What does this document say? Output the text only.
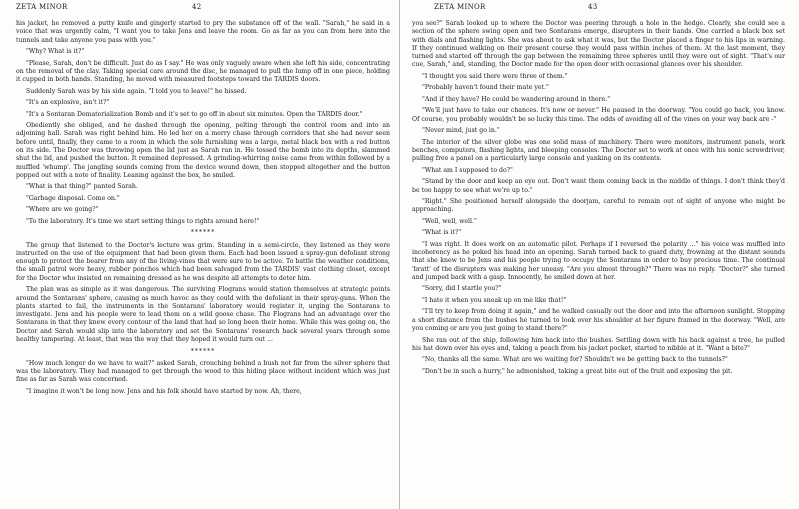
ZETA MINOR	42

his jacket, he removed a putty knife and gingerly started to pry the substance off of the wall. "Sarah," he said in a voice that was urgently calm, "I want you to take Jens and leave the room. Go as far as you can from here into the tunnels and take anyone you pass with you."

"Why? What is it?"

"Please, Sarah, don't be difficult. Just do as I say." He was only vaguely aware when she left his side, concentrating on the removal of the clay. Taking special care around the disc, he managed to pull the lump off in one piece, holding it cupped in both hands. Standing, he moved with measured footsteps toward the TARDIS doors.

Suddenly Sarah was by his side again. "I told you to leave!" he hissed.

"It's an explosive, isn't it?"

"It's a Sontaran Dematerialization Bomb and it's set to go off in about six minutes. Open the TARDIS door."

Obediently she obliged, and he dashed through the opening, pelting through the control room and into an adjoining hall. Sarah was right behind him. He led her on a merry chase through corridors that she had never seen before until, finally, they came to a room in which the sole furnishing was a large, metal black box with a red button on its side. The Doctor was throwing open the lid just as Sarah ran in. He tossed the bomb into its depths, slammed shut the lid, and pushed the button. It remained depressed. A grinding-whirring noise came from within followed by a muffled 'whump'. The jangling sounds coming from the device wound down, then stopped altogether and the button popped out with a note of finality. Leaning against the box, he smiled.

"What is that thing?" panted Sarah.

"Garbage disposal. Come on."

"Where are we going?"

"To the laboratory. It's time we start setting things to rights around here!"

******

The group that listened to the Doctor's lecture was grim. Standing in a semi-circle, they listened as they were instructed on the use of the equipment that had been given them. Each had been issued a spray-gun defoliant strong enough to protect the bearer from any of the living-vines that were sure to be active. To battle the weather conditions, the small patrol wore heavy, rubber ponchos which had been salvaged from the TARDIS' vast clothing closet, except for the Doctor who insisted on remaining dressed as he was despite all attempts to deter him.

The plan was as simple as it was dangerous. The surviving Flograns would station themselves at strategic points around the Sontarans' sphere, causing as much havoc as they could with the defoliant in their spray-guns. When the plants started to fail, the instruments in the Sontarans' laboratory would register it, urging the Sontarans to investigate. Jens and his people were to lead them on a wild goose chase. The Flograns had an advantage over the Sontarans in that they knew every contour of the land that had so long been their home. While this was going on, the Doctor and Sarah would slip into the laboratory and set the Sontarans' research back several years through some healthy tampering. At least, that was the way that they hoped it would turn out ...

******

"How much longer do we have to wait?" asked Sarah, crouching behind a bush not far from the silver sphere that was the laboratory. They had managed to get through the wood to this hiding place without incident which was just fine as far as Sarah was concerned.

"I imagine it won't be long now. Jens and his folk should have started by now. Ah, there,

ZETA MINOR	43

you see?" Sarah looked up to where the Doctor was peering through a hole in the hedge. Clearly, she could see a section of the sphere swing open and two Sontarans emerge, disrupters in their hands. One carried a black box set with dials and flashing lights. She was about to ask what it was, but the Doctor placed a finger to his lips in warning. If they continued walking on their present course they would pass within inches of them. At the last moment, they turned and started off through the gap between the remaining three spheres until they were out of sight. "That's our cue, Sarah," and, standing, the Doctor made for the open door with occasional glances over his shoulder.

"I thought you said there were three of them."

"Probably haven't found their mate yet."

"And if they have? He could be wandering around in there."

"We'll just have to take our chances. It's now or never." He paused in the doorway. "You could go back, you know. Of course, you probably wouldn't be so lucky this time. The odds of avoiding all of the vines on your way back are -"

"Never mind, just go in."

The interior of the silver globe was one solid mass of machinery. There were monitors, instrument panels, work benches, computers, flashing lights, and bleeping consoles. The Doctor set to work at once with his sonic screwdriver, pulling free a panel on a particularly large console and yanking on its contents.

"What am I supposed to do?"

"Stand by the door and keep an eye out. Don't want them coming back in the middle of things. I don't think they'd be too happy to see what we're up to."

"Right." She positioned herself alongside the doorjam, careful to remain out of sight of anyone who might be approaching.

"Well, well, well."

"What is it?"

"I was right. It does work on an automatic pilot. Perhaps if I reversed the polarity ..." his voice was muffled into incoherency as he poked his head into an opening. Sarah turned back to guard duty, frowning at the distant sounds that she knew to be Jens and his people trying to occupy the Sontarans in order to buy precious time. The continual 'bratt' of the disrupters was making her uneasy. "Are you almost through?" There was no reply. "Doctor?" she turned and jumped back with a gasp. Innocently, he smiled down at her.

"Sorry, did I startle you?"

"I hate it when you sneak up on me like that!"

"I'll try to keep from doing it again," and he walked casually out the door and into the afternoon sunlight. Stopping a short distance from the bushes he turned to look over his shoulder at her figure framed in the doorway. "Well, are you coming or are you just going to stand there?"

She ran out of the ship, following him back into the bushes. Settling down with his back against a tree, he pulled his hat down over his eyes and, taking a peach from his jacket pocket, started to nibble at it. "Want a bite?"

"No, thanks all the same. What are we waiting for? Shouldn't we be getting back to the tunnels?"

"Don't be in such a hurry," he admonished, taking a great bite out of the fruit and exposing the pit.
